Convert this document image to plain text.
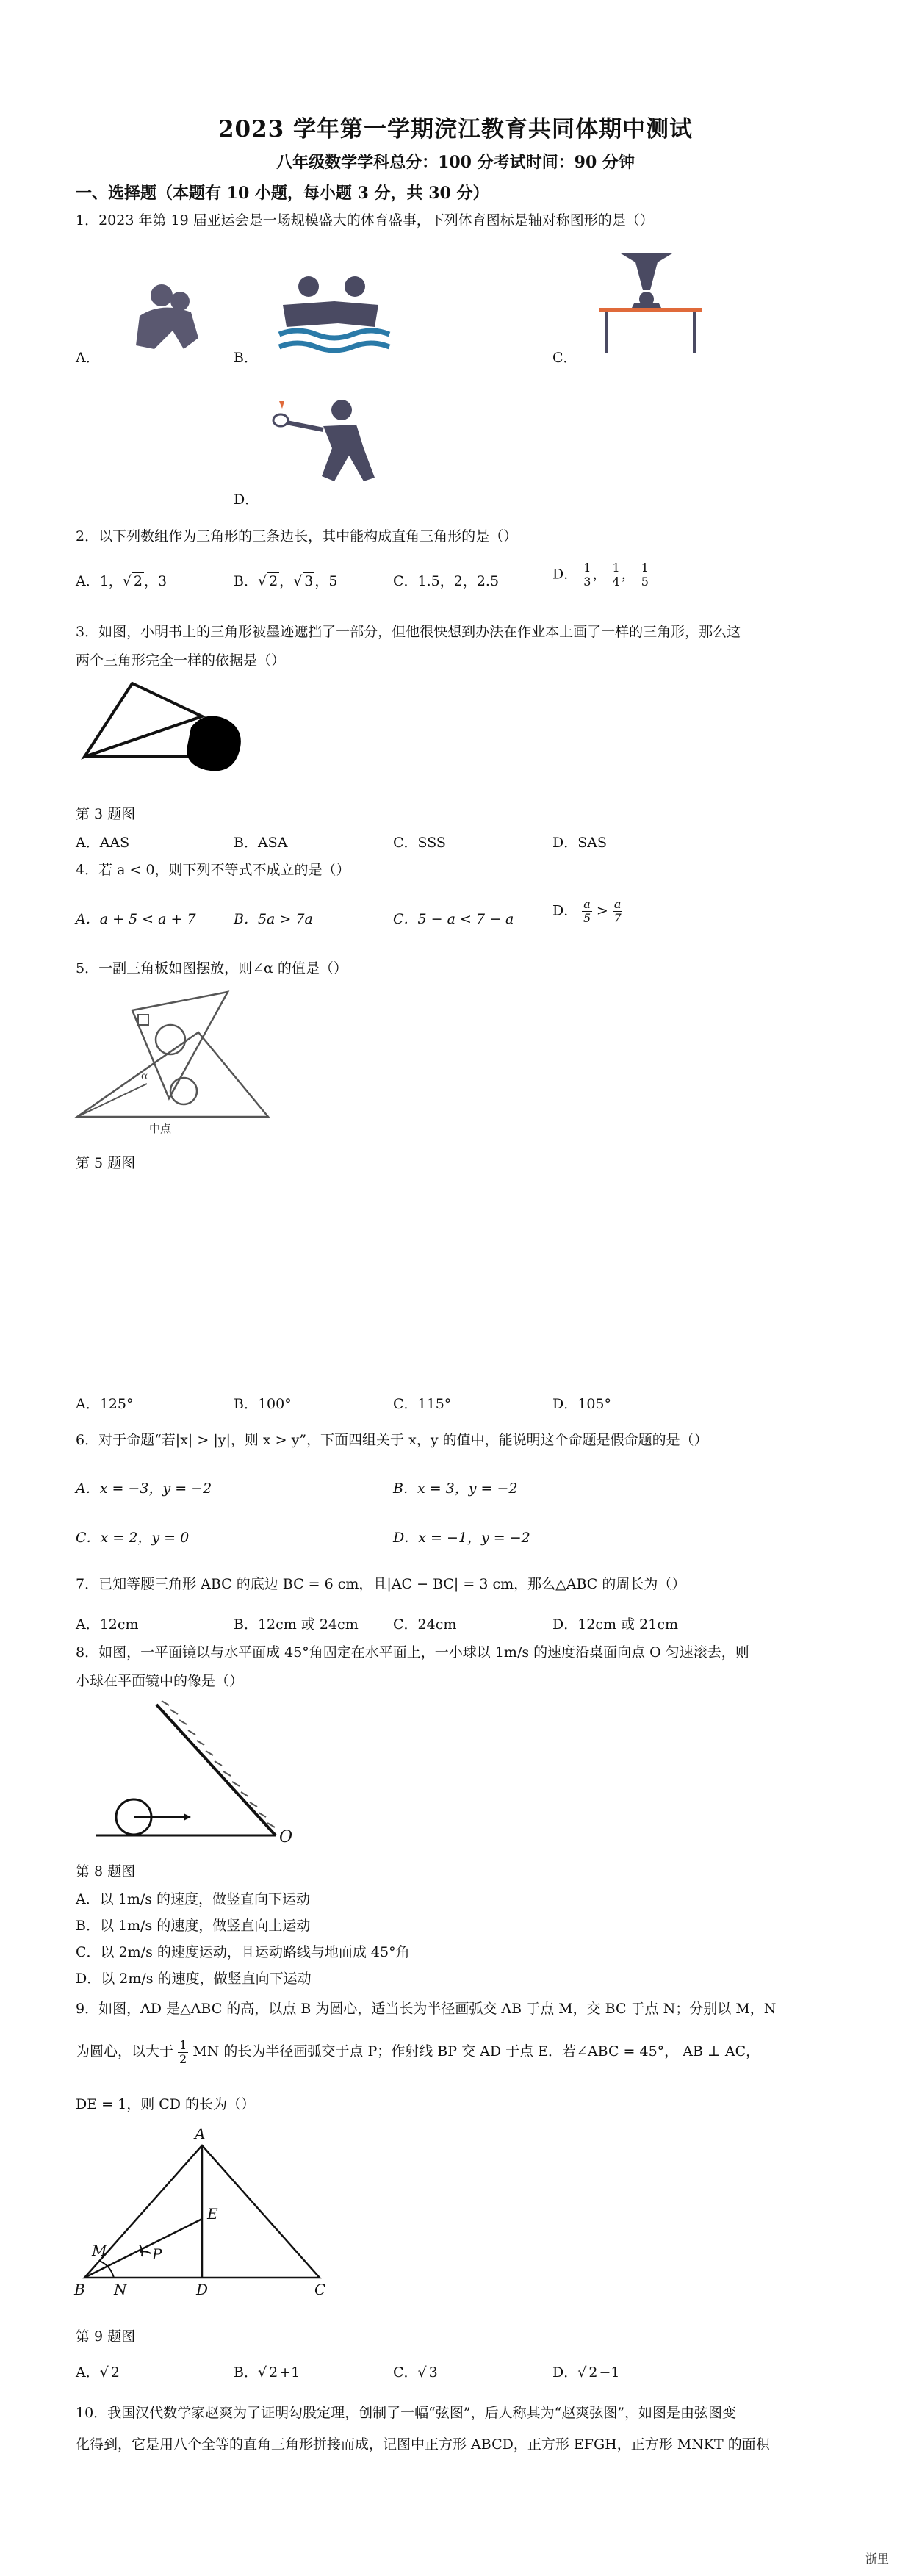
2023 学年第一学期浣江教育共同体期中测试
八年级数学学科总分：100 分考试时间：90 分钟
一、选择题（本题有 10 小题，每小题 3 分，共 30 分）
1．2023 年第 19 届亚运会是一场规模盛大的体育盛事，下列体育图标是轴对称图形的是（）
A．	B．	C．
D．
2．以下列数组作为三角形的三条边长，其中能构成直角三角形的是（）
A．1，√ 2 ，3	B．√ 2 ，√ 3 ，5	C．1.5，2，2.5	D． $\frac{1}{3}$ ， $\frac{1}{4}$ ， $\frac{1}{5}$
3．如图，小明书上的三角形被墨迹遮挡了一部分，但他很快想到办法在作业本上画了一样的三角形，那么这
两个三角形完全一样的依据是（）
第 3 题图
A．AAS	B．ASA	C．SSS	D．SAS
4．若 a < 0，则下列不等式不成立的是（）
A．a + 5 < a + 7	B．5a > 7a	C．5 − a < 7 − a
D． $\frac{a}{5} > \frac{a}{7}$
5．一副三角板如图摆放，则∠α 的值是（）
α
中点
第 5 题图
A．125°	B．100°	C．115°	D．105°
6．对于命题“若|x| > |y|，则 x > y”，下面四组关于 x，y 的值中，能说明这个命题是假命题的是（）
A．x = −3，y = −2	B．x = 3，y = −2
C．x = 2，y = 0	D．x = −1，y = −2
7．已知等腰三角形 ABC 的底边 BC = 6 cm，且|AC − BC| = 3 cm，那么△ABC 的周长为（）
A．12cm	B．12cm 或 24cm C．24cm	D．12cm 或 21cm
8．如图，一平面镜以与水平面成 45°角固定在水平面上，一小球以 1m/s 的速度沿桌面向点 O 匀速滚去，则
小球在平面镜中的像是（）
O
第 8 题图
A．以 1m/s 的速度，做竖直向下运动
B．以 1m/s 的速度，做竖直向上运动
C．以 2m/s 的速度运动，且运动路线与地面成 45°角
D．以 2m/s 的速度，做竖直向下运动
9．如图，AD 是△ABC 的高，以点 B 为圆心，适当长为半径画弧交 AB 于点 M，交 BC 于点 N；分别以 M，N
为圆心，以大于 $\frac{1}{2}$ MN 的长为半径画弧交于点 P；作射线 BP 交 AD 于点 E．若∠ABC = 45°， AB ⊥ AC，
DE = 1，则 CD 的长为（）
A
B	C
D
E
M
N
P
第 9 题图
A．√ 2	B．√ 2 +1	C．√ 3	D．√ 2 −1
10．我国汉代数学家赵爽为了证明勾股定理，创制了一幅“弦图”，后人称其为“赵爽弦图”，如图是由弦图变
化得到，它是用八个全等的直角三角形拼接而成，记图中正方形 ABCD，正方形 EFGH，正方形 MNKT 的面积
浙里
